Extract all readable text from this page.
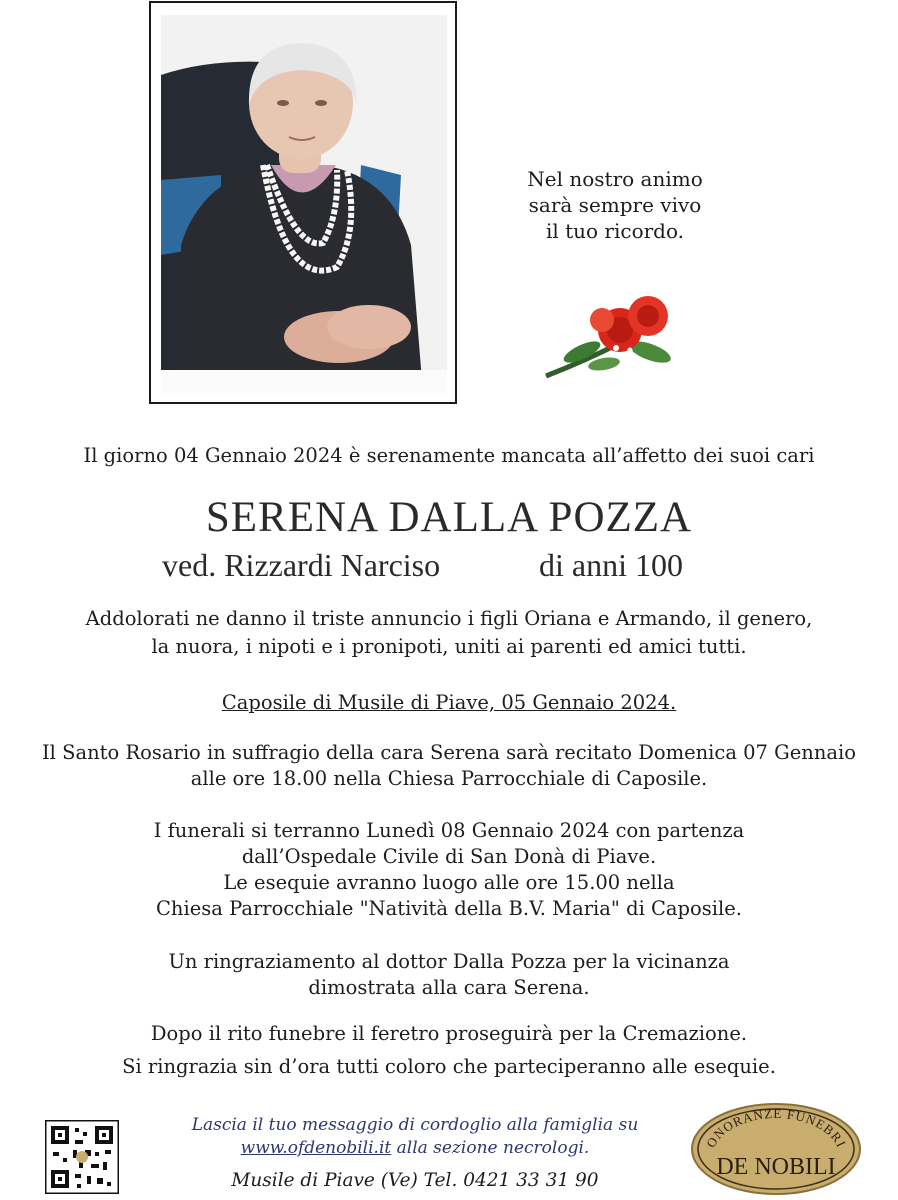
Nel nostro animo
sarà sempre vivo
il tuo ricordo.
Il giorno 04 Gennaio 2024 è serenamente mancata all’affetto dei suoi cari
SERENA DALLA POZZA
ved. Rizzardi Narciso	di anni 100
Addolorati ne danno il triste annuncio i figli Oriana e Armando, il genero,
la nuora, i nipoti e i pronipoti, uniti ai parenti ed amici tutti.
Caposile di Musile di Piave, 05 Gennaio 2024.
Il Santo Rosario in suffragio della cara Serena sarà recitato Domenica 07 Gennaio
alle ore 18.00 nella Chiesa Parrocchiale di Caposile.
I funerali si terranno Lunedì 08 Gennaio 2024 con partenza
dall’Ospedale Civile di San Donà di Piave.
Le esequie avranno luogo alle ore 15.00 nella
Chiesa Parrocchiale "Natività della B.V. Maria" di Caposile.
Un ringraziamento al dottor Dalla Pozza per la vicinanza
dimostrata alla cara Serena.
Dopo il rito funebre il feretro proseguirà per la Cremazione.
Si ringrazia sin d’ora tutti coloro che parteciperanno alle esequie.
Lascia il tuo messaggio di cordoglio alla famiglia su
www.ofdenobili.it alla sezione necrologi.
Musile di Piave (Ve) Tel. 0421 33 31 90
ONORANZE FUNEBRI
DE NOBILI
